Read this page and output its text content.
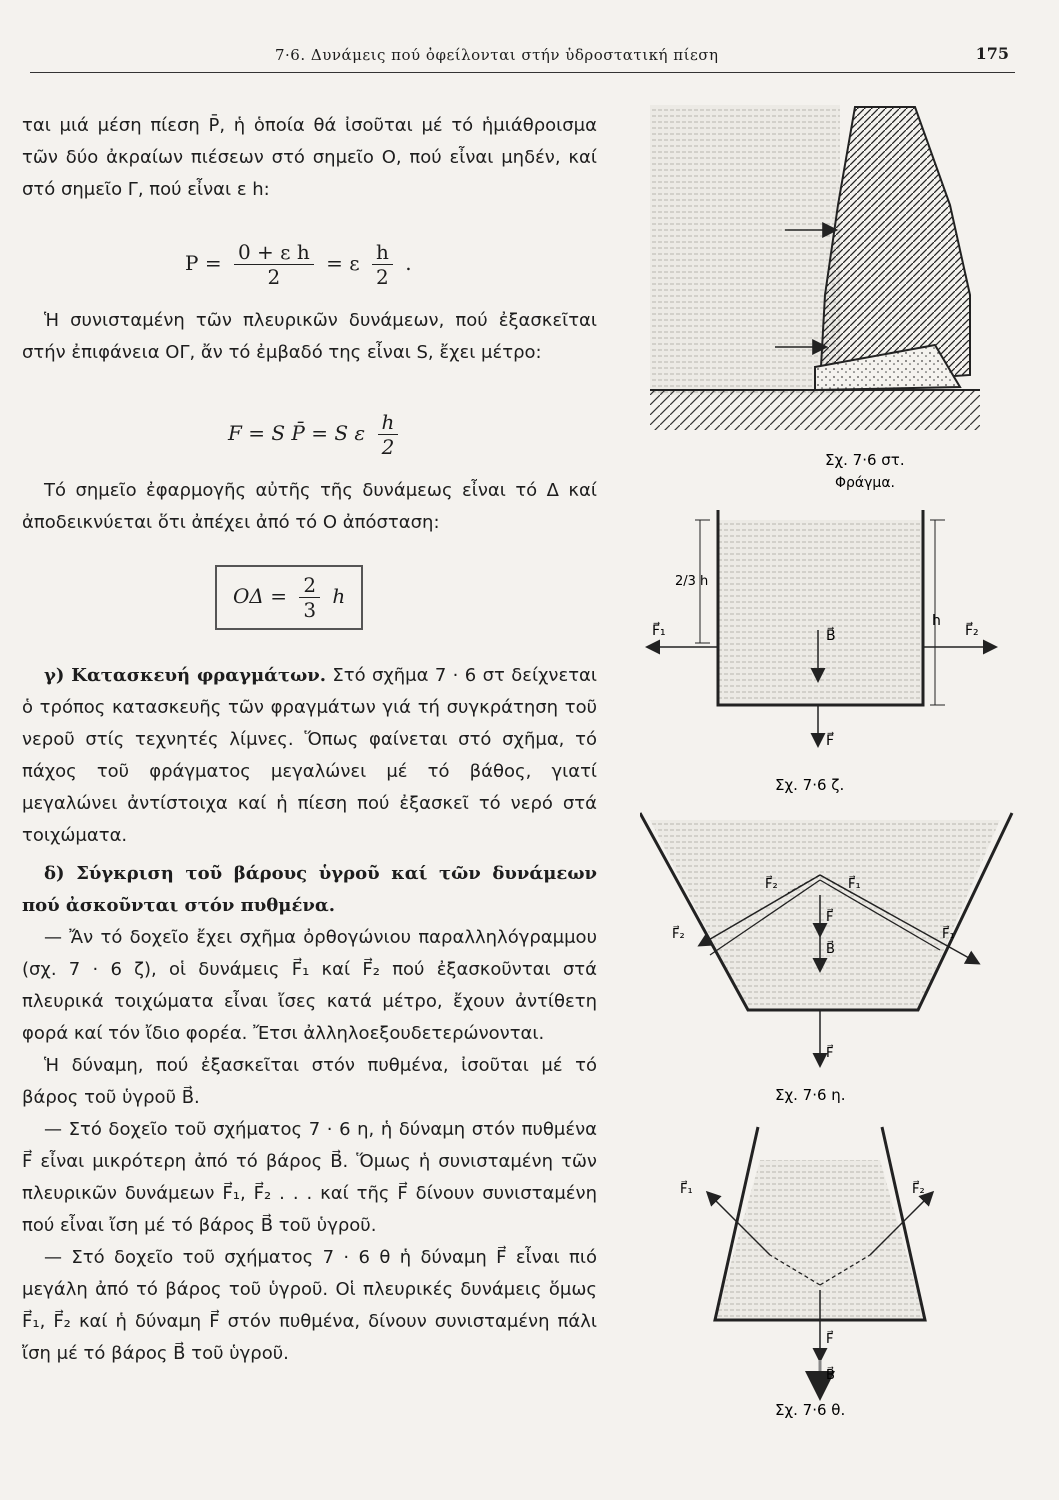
7·6. Δυνάμεις πού ὀφείλονται στήν ὑδροστατική πίεση	175

ται μιά μέση πίεση P̄, ἡ ὁποία θά ἰσοῦται μέ τό ἡμιάθροισμα τῶν δύο ἀκραίων πιέσεων στό σημεῖο Ο, πού εἶναι μηδέν, καί στό σημεῖο Γ, πού εἶναι ε h:

$P = \frac{\text{0 + ε h}}{2} = \varepsilon \frac{h}{2}$ .

Ἡ συνισταμένη τῶν πλευρικῶν δυνάμεων, πού ἐξασκεῖται στήν ἐπιφάνεια ΟΓ, ἄν τό ἐμβαδό της εἶναι S, ἔχει μέτρο:

F = S P̄ = S ε $\frac{h}{2}$

Τό σημεῖο ἐφαρμογῆς αὐτῆς τῆς δυνάμεως εἶναι τό Δ καί ἀποδεικνύεται ὅτι ἀπέχει ἀπό τό Ο ἀπόσταση:

$O\Delta = \frac{2}{3}$ h

γ) Κατασκευή φραγμάτων. Στό σχῆμα 7 · 6 στ δείχνεται ὁ τρόπος κατασκευῆς τῶν φραγμάτων γιά τή συγκράτηση τοῦ νεροῦ στίς τεχνητές λίμνες. Ὅπως φαίνεται στό σχῆμα, τό πάχος τοῦ φράγματος μεγαλώνει μέ τό βάθος, γιατί μεγαλώνει ἀντίστοιχα καί ἡ πίεση πού ἐξασκεῖ τό νερό στά τοιχώματα.

δ) Σύγκριση τοῦ βάρους ὑγροῦ καί τῶν δυνάμεων πού ἀσκοῦνται στόν πυθμένα.

— Ἄν τό δοχεῖο ἔχει σχῆμα ὀρθογώνιου παραλληλόγραμμου (σχ. 7 · 6 ζ), οἱ δυνάμεις F⃗₁ καί F⃗₂ πού ἐξασκοῦνται στά πλευρικά τοιχώματα εἶναι ἴσες κατά μέτρο, ἔχουν ἀντίθετη φορά καί τόν ἴδιο φορέα. Ἔτσι ἀλληλοεξουδετερώνονται.

Ἡ δύναμη, πού ἐξασκεῖται στόν πυθμένα, ἰσοῦται μέ τό βάρος τοῦ ὑγροῦ B⃗.

— Στό δοχεῖο τοῦ σχήματος 7 · 6 η, ἡ δύναμη στόν πυθμένα F⃗ εἶναι μικρότερη ἀπό τό βάρος B⃗. Ὅμως ἡ συνισταμένη τῶν πλευρικῶν δυνάμεων F⃗₁, F⃗₂ . . . καί τῆς F⃗ δίνουν συνισταμένη πού εἶναι ἴση μέ τό βάρος B⃗ τοῦ ὑγροῦ.

— Στό δοχεῖο τοῦ σχήματος 7 · 6 θ ἡ δύναμη F⃗ εἶναι πιό μεγάλη ἀπό τό βάρος τοῦ ὑγροῦ. Οἱ πλευρικές δυνάμεις ὅμως F⃗₁, F⃗₂ καί ἡ δύναμη F⃗ στόν πυθμένα, δίνουν συνισταμένη πάλι ἴση μέ τό βάρος B⃗ τοῦ ὑγροῦ.

Σχ. 7·6 στ.
Φράγμα.
2/3 h
h
F⃗₁	F⃗₂
B⃗
F⃗
Σχ. 7·6 ζ.
F⃗₂	F⃗₁
F⃗₂	F⃗₁
F⃗
B⃗
F⃗
Σχ. 7·6 η.
F⃗₁	F⃗₂
F⃗
B⃗
Σχ. 7·6 θ.
